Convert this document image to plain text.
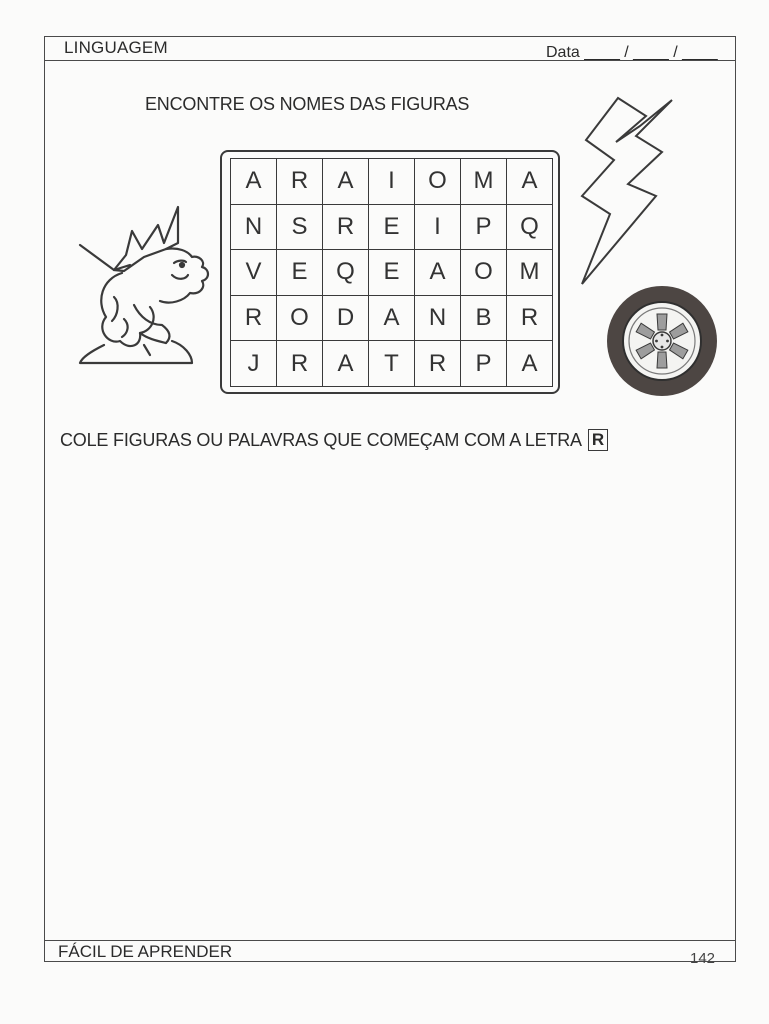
LINGUAGEM	Data ____ / ____ / ____
ENCONTRE OS NOMES DAS FIGURAS
A	R	A	I	O	M	A
N	S	R	E	I	P	Q
V	E	Q	E	A	O	M
R	O	D	A	N	B	R
J	R	A	T	R	P	A
COLE FIGURAS OU PALAVRAS QUE COMEÇAM COM A LETRA R
FÁCIL DE APRENDER	142
